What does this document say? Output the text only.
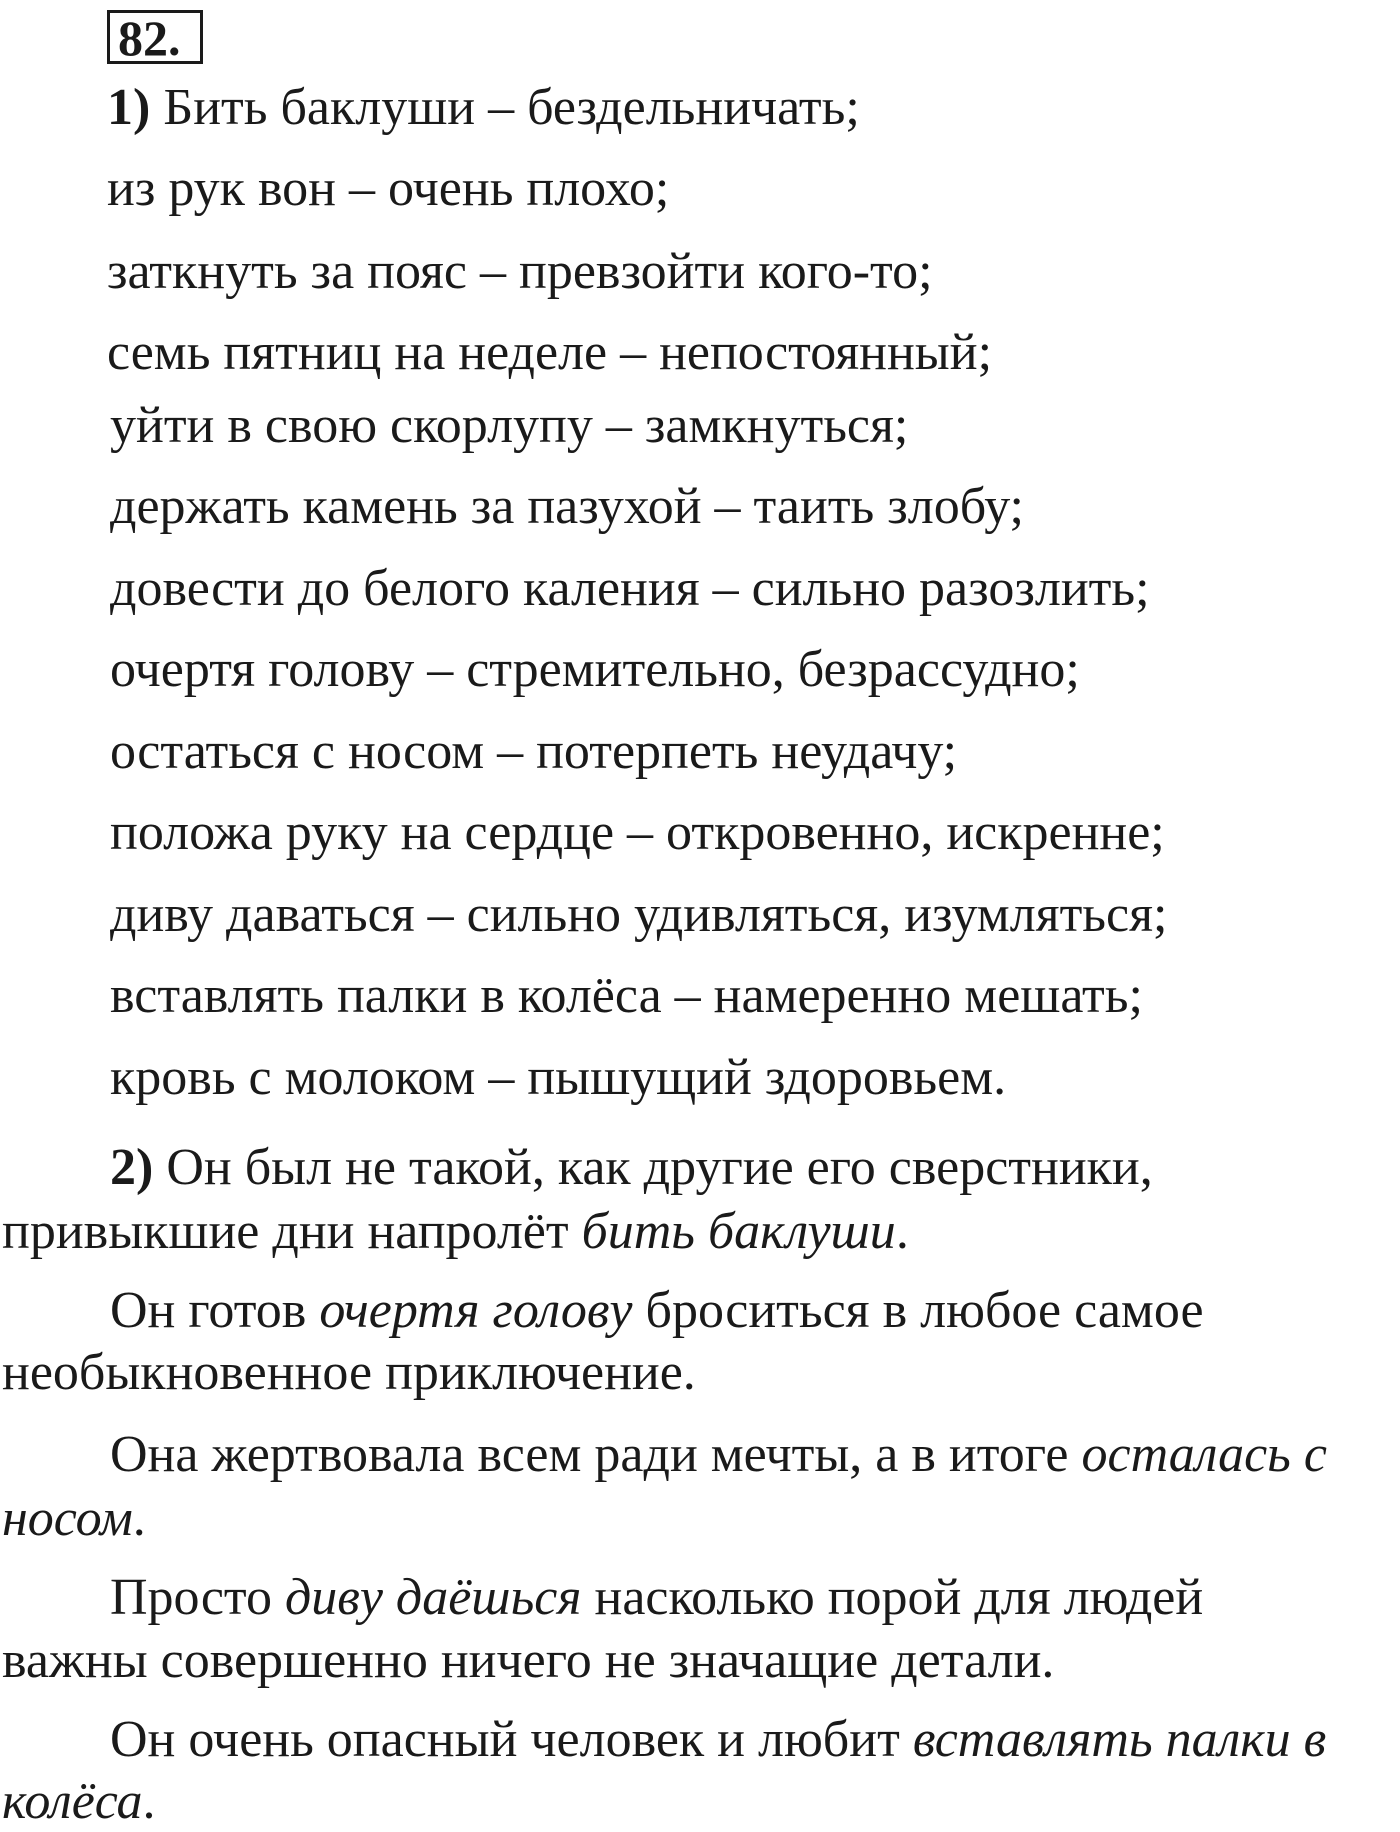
82.
1) Бить баклуши – бездельничать;
из рук вон – очень плохо;
заткнуть за пояс – превзойти кого-то;
семь пятниц на неделе – непостоянный;
уйти в свою скорлупу – замкнуться;
держать камень за пазухой – таить злобу;
довести до белого каления – сильно разозлить;
очертя голову – стремительно, безрассудно;
остаться с носом – потерпеть неудачу;
положа руку на сердце – откровенно, искренне;
диву даваться – сильно удивляться, изумляться;
вставлять палки в колёса – намеренно мешать;
кровь с молоком – пышущий здоровьем.
2) Он был не такой, как другие его сверстники,
привыкшие дни напролёт бить баклуши.
Он готов очертя голову броситься в любое самое
необыкновенное приключение.
Она жертвовала всем ради мечты, а в итоге осталась с
носом.
Просто диву даёшься насколько порой для людей
важны совершенно ничего не значащие детали.
Он очень опасный человек и любит вставлять палки в
колёса.
